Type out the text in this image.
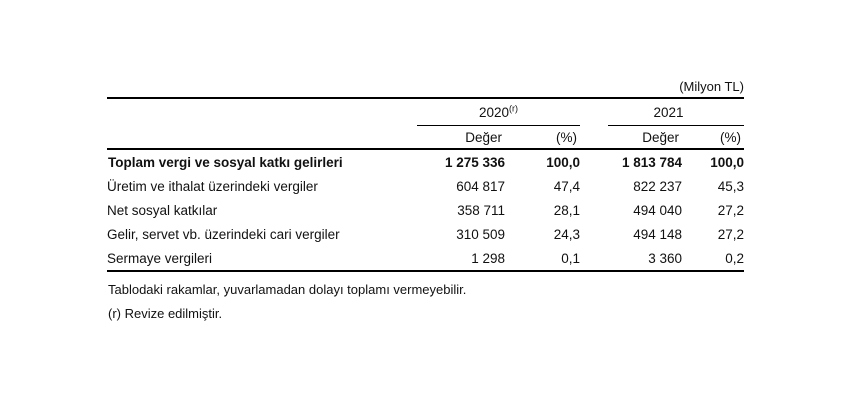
(Milyon TL)
	2020$^{(r)}$			2021	
	Değer	(%)		Değer	(%)
Toplam vergi ve sosyal katkı gelirleri	1 275 336	100,0		1 813 784	100,0
Üretim ve ithalat üzerindeki vergiler	604 817	47,4		822 237	45,3
Net sosyal katkılar	358 711	28,1		494 040	27,2
Gelir, servet vb. üzerindeki cari vergiler	310 509	24,3		494 148	27,2
Sermaye vergileri	1 298	0,1		3 360	0,2
Tablodaki rakamlar, yuvarlamadan dolayı toplamı vermeyebilir.
(r) Revize edilmiştir.
